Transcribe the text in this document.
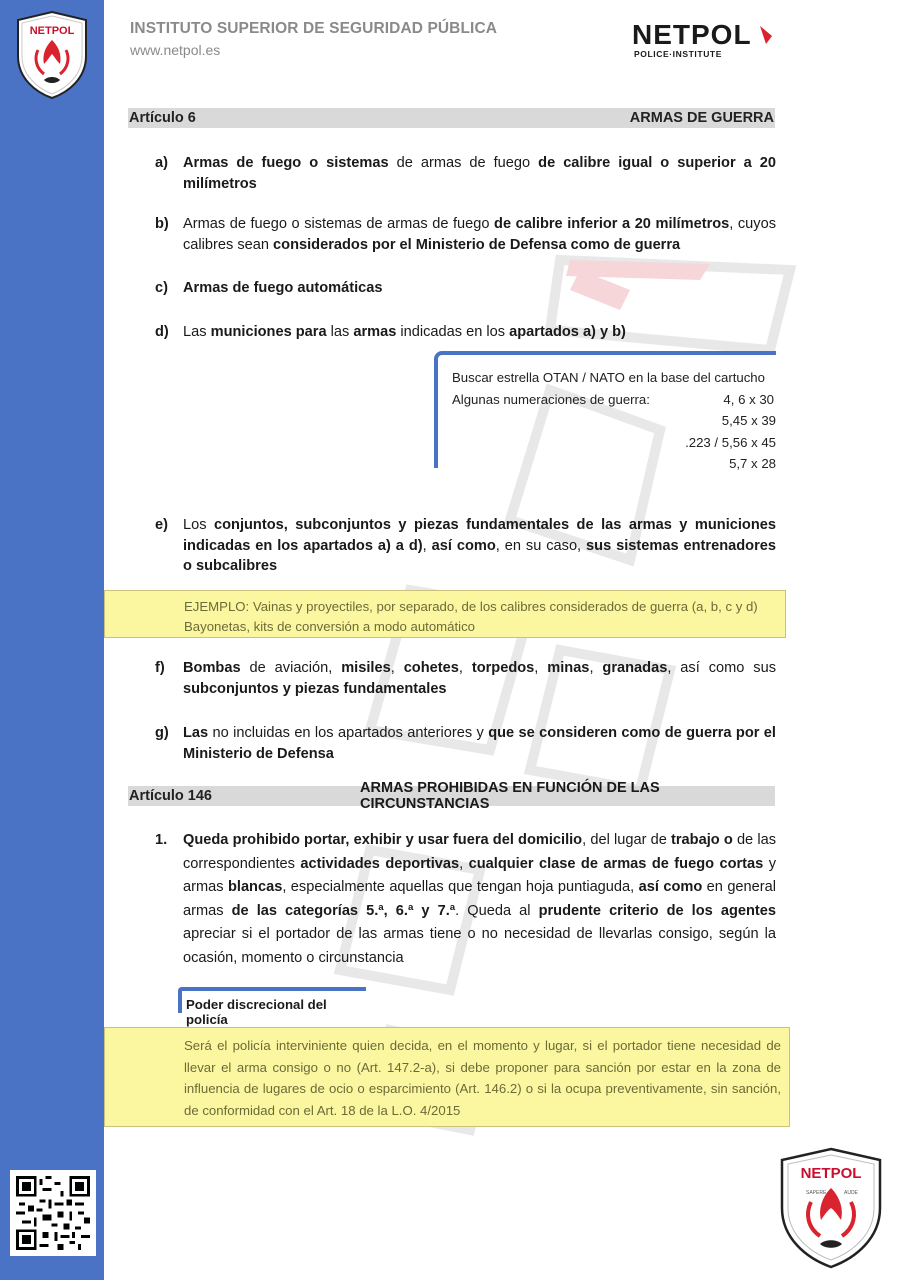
NETPOL	INSTITUTO SUPERIOR DE SEGURIDAD PÚBLICA
www.netpol.es	NETPOL
POLICE·INSTITUTE
Artículo 6	ARMAS DE GUERRA
a)	Armas de fuego o sistemas de armas de fuego de calibre igual o superior a 20 milímetros
b) Armas de fuego o sistemas de armas de fuego de calibre inferior a 20 milímetros, cuyos calibres sean considerados por el Ministerio de Defensa como de guerra
c)	Armas de fuego automáticas
d) Las municiones para las armas indicadas en los apartados a) y b)
Buscar estrella OTAN / NATO en la base del cartucho
Algunas numeraciones de guerra:	4, 6 x 30
5,45 x 39
.223 / 5,56 x 45
5,7 x 28
e)	Los conjuntos, subconjuntos y piezas fundamentales de las armas y municiones indicadas en los apartados a) a d), así como, en su caso, sus sistemas entrenadores o subcalibres
EJEMPLO: Vainas y proyectiles, por separado, de los calibres considerados de guerra (a, b, c y d)
Bayonetas, kits de conversión a modo automático
f)	Bombas de aviación, misiles, cohetes, torpedos, minas, granadas, así como sus subconjuntos y piezas fundamentales
g) Las no incluidas en los apartados anteriores y que se consideren como de guerra por el Ministerio de Defensa
Artículo 146	ARMAS PROHIBIDAS EN FUNCIÓN DE LAS CIRCUNSTANCIAS
1.	Queda prohibido portar, exhibir y usar fuera del domicilio, del lugar de trabajo o de las correspondientes actividades deportivas, cualquier clase de armas de fuego cortas y armas blancas, especialmente aquellas que tengan hoja puntiaguda, así como en general armas de las categorías 5.ª, 6.ª y 7.ª. Queda al prudente criterio de los agentes apreciar si el portador de las armas tiene o no necesidad de llevarlas consigo, según la ocasión, momento o circunstancia
Poder discrecional del policía
Será el policía interviniente quien decida, en el momento y lugar, si el portador tiene necesidad de llevar el arma consigo o no (Art. 147.2-a), si debe proponer para sanción por estar en la zona de influencia de lugares de ocio o esparcimiento (Art. 146.2) o si la ocupa preventivamente, sin sanción, de conformidad con el Art. 18 de la L.O. 4/2015
NETPOL
SAPERE	AUDE
